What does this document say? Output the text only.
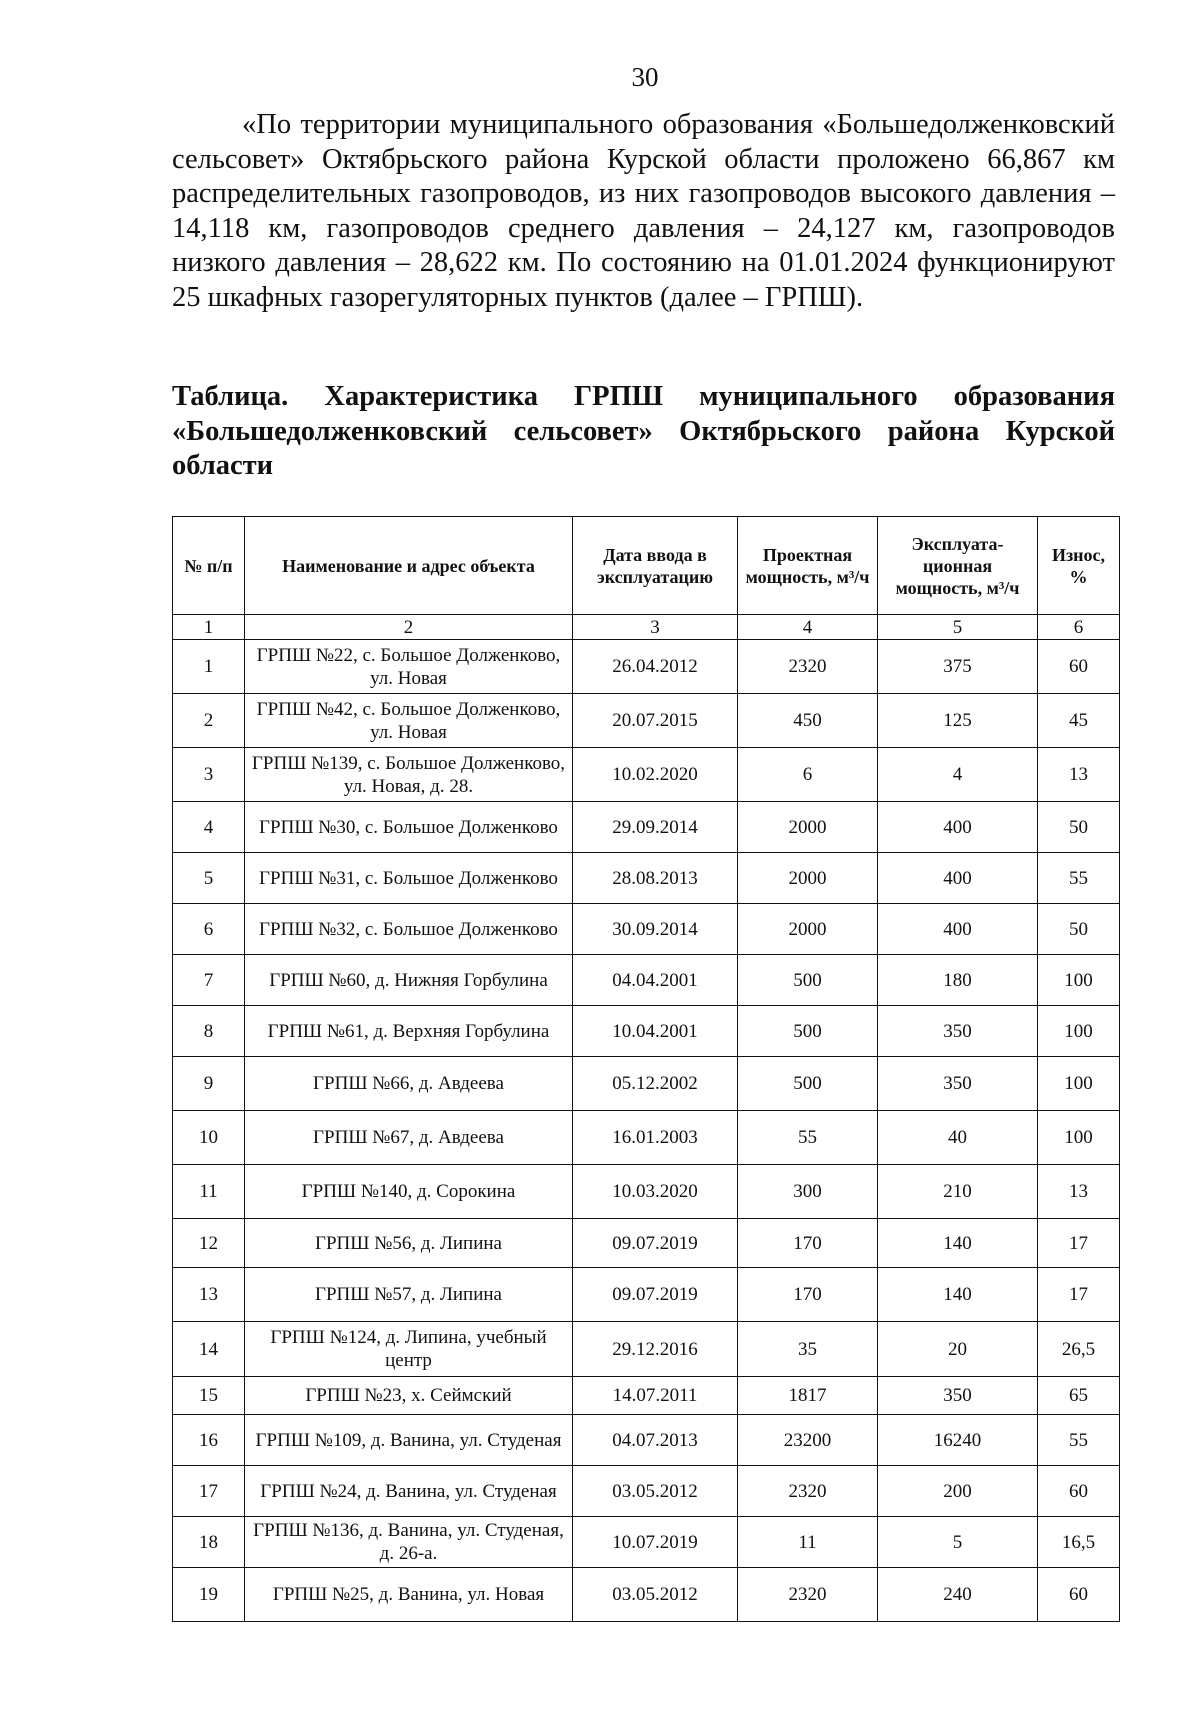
30

«По территории муниципального образования «Большедолженковский сельсовет» Октябрьского района Курской области проложено 66,867 км распределительных газопроводов, из них газопроводов высокого давления – 14,118 км, газопроводов среднего давления – 24,127 км, газопроводов низкого давления – 28,622 км. По состоянию на 01.01.2024 функционируют 25 шкафных газорегуляторных пунктов (далее – ГРПШ).

Таблица. Характеристика ГРПШ муниципального образования «Большедолженковский сельсовет» Октябрьского района Курской области

№ п/п	Наименование и адрес объекта	Дата ввода в эксплуатацию	Проектная мощность, м³/ч	Эксплуата-ционная мощность, м³/ч	Износ, %
1	2	3	4	5	6
1	ГРПШ №22, с. Большое Долженково, ул. Новая	26.04.2012	2320	375	60
2	ГРПШ №42, с. Большое Долженково, ул. Новая	20.07.2015	450	125	45
3	ГРПШ №139, с. Большое Долженково, ул. Новая, д. 28.	10.02.2020	6	4	13
4	ГРПШ №30, с. Большое Долженково	29.09.2014	2000	400	50
5	ГРПШ №31, с. Большое Долженково	28.08.2013	2000	400	55
6	ГРПШ №32, с. Большое Долженково	30.09.2014	2000	400	50
7	ГРПШ №60, д. Нижняя Горбулина	04.04.2001	500	180	100
8	ГРПШ №61, д. Верхняя Горбулина	10.04.2001	500	350	100
9	ГРПШ №66, д. Авдеева	05.12.2002	500	350	100
10	ГРПШ №67, д. Авдеева	16.01.2003	55	40	100
11	ГРПШ №140, д. Сорокина	10.03.2020	300	210	13
12	ГРПШ №56, д. Липина	09.07.2019	170	140	17
13	ГРПШ №57, д. Липина	09.07.2019	170	140	17
14	ГРПШ №124, д. Липина, учебный центр	29.12.2016	35	20	26,5
15	ГРПШ №23, х. Сеймский	14.07.2011	1817	350	65
16	ГРПШ №109, д. Ванина, ул. Студеная	04.07.2013	23200	16240	55
17	ГРПШ №24, д. Ванина, ул. Студеная	03.05.2012	2320	200	60
18	ГРПШ №136, д. Ванина, ул. Студеная, д. 26-а.	10.07.2019	11	5	16,5
19	ГРПШ №25, д. Ванина, ул. Новая	03.05.2012	2320	240	60
